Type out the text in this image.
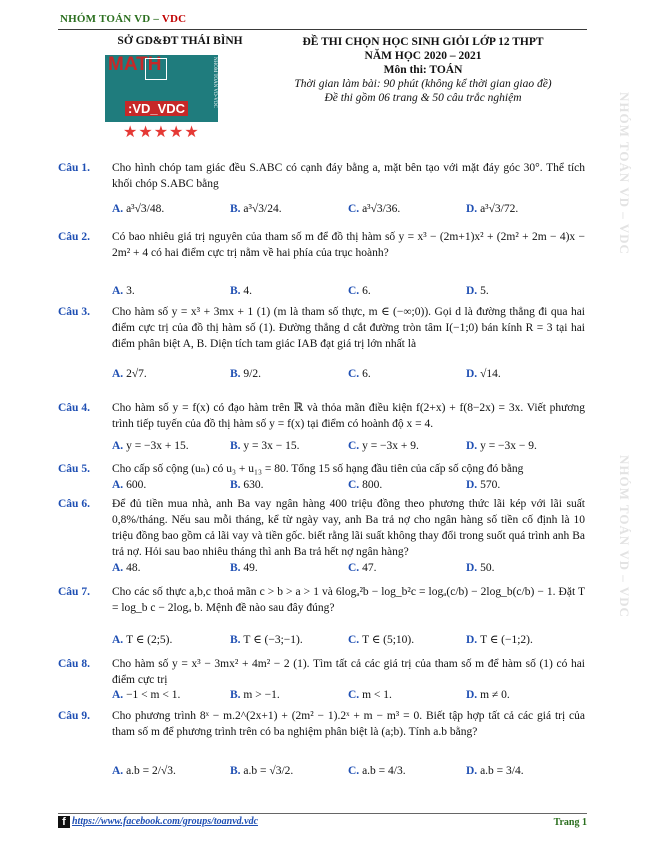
NHÓM TOÁN VD – VDC
SỞ GD&ĐT THÁI BÌNH
MATH	NHÓM TOÁN VD-VDC
:VD_VDC
★★★★★
ĐỀ THI CHỌN HỌC SINH GIỎI LỚP 12 THPT
NĂM HỌC 2020 – 2021
Môn thi: TOÁN
Thời gian làm bài: 90 phút (không kể thời gian giao đề)
Đề thi gồm 06 trang & 50 câu trắc nghiệm	NHÓM TOÁN VD – VDC
NHÓM TOÁN VD – VDC
Câu 1. Cho hình chóp tam giác đều S.ABC có cạnh đáy bằng a, mặt bên tạo với mặt đáy góc 30°. Thể tích khối chóp S.ABC bằng
A. a³√3/48.	B. a³√3/24.	C. a³√3/36.	D. a³√3/72.
Câu 2. Có bao nhiêu giá trị nguyên của tham số m để đồ thị hàm số y = x³ − (2m+1)x² + (2m² + 2m − 4)x − 2m² + 4 có hai điểm cực trị nằm về hai phía của trục hoành?
A. 3.	B. 4.	C. 6.	D. 5.
Câu 3. Cho hàm số y = x³ + 3mx + 1 (1) (m là tham số thực, m ∈ (−∞;0)). Gọi d là đường thẳng đi qua hai điểm cực trị của đồ thị hàm số (1). Đường thẳng d cắt đường tròn tâm I(−1;0) bán kính R = 3 tại hai điểm phân biệt A, B. Diện tích tam giác IAB đạt giá trị lớn nhất là
A. 2√7.	B. 9/2.	C. 6.	D. √14.
Câu 4. Cho hàm số y = f(x) có đạo hàm trên ℝ và thỏa mãn điều kiện f(2+x) + f(8−2x) = 3x. Viết phương trình tiếp tuyến của đồ thị hàm số y = f(x) tại điểm có hoành độ x = 4.
A. y = −3x + 15.	B. y = 3x − 15.	C. y = −3x + 9.	D. y = −3x − 9.
Câu 5. Cho cấp số cộng (uₙ) có u₃ + u₁₃ = 80. Tổng 15 số hạng đầu tiên của cấp số cộng đó bằng
A. 600.	B. 630.	C. 800.	D. 570.
Câu 6. Để đủ tiền mua nhà, anh Ba vay ngân hàng 400 triệu đồng theo phương thức lãi kép với lãi suất 0,8%/tháng. Nếu sau mỗi tháng, kể từ ngày vay, anh Ba trả nợ cho ngân hàng số tiền cố định là 10 triệu đồng bao gồm cả lãi vay và tiền gốc. biết rằng lãi suất không thay đổi trong suốt quá trình anh Ba trả nợ. Hỏi sau bao nhiêu tháng thì anh Ba trả hết nợ ngân hàng?
A. 48.	B. 49.	C. 47.	D. 50.
Câu 7. Cho các số thực a,b,c thoả mãn c > b > a > 1 và 6logₐ²b − log_b²c = logₐ(c/b) − 2log_b(c/b) − 1. Đặt T = log_b c − 2logₐ b. Mệnh đề nào sau đây đúng?
A. T ∈ (2;5).	B. T ∈ (−3;−1).	C. T ∈ (5;10).	D. T ∈ (−1;2).
Câu 8. Cho hàm số y = x³ − 3mx² + 4m² − 2 (1). Tìm tất cả các giá trị của tham số m để hàm số (1) có hai điểm cực trị
A. −1 < m < 1.	B. m > −1.	C. m < 1.	D. m ≠ 0.
Câu 9. Cho phương trình 8ˣ − m.2^(2x+1) + (2m² − 1).2ˣ + m − m³ = 0. Biết tập hợp tất cả các giá trị của tham số m để phương trình trên có ba nghiệm phân biệt là (a;b). Tính a.b bằng?
A. a.b = 2/√3.	B. a.b = √3/2.	C. a.b = 4/3.	D. a.b = 3/4.
f https://www.facebook.com/groups/toanvd.vdc	Trang 1
